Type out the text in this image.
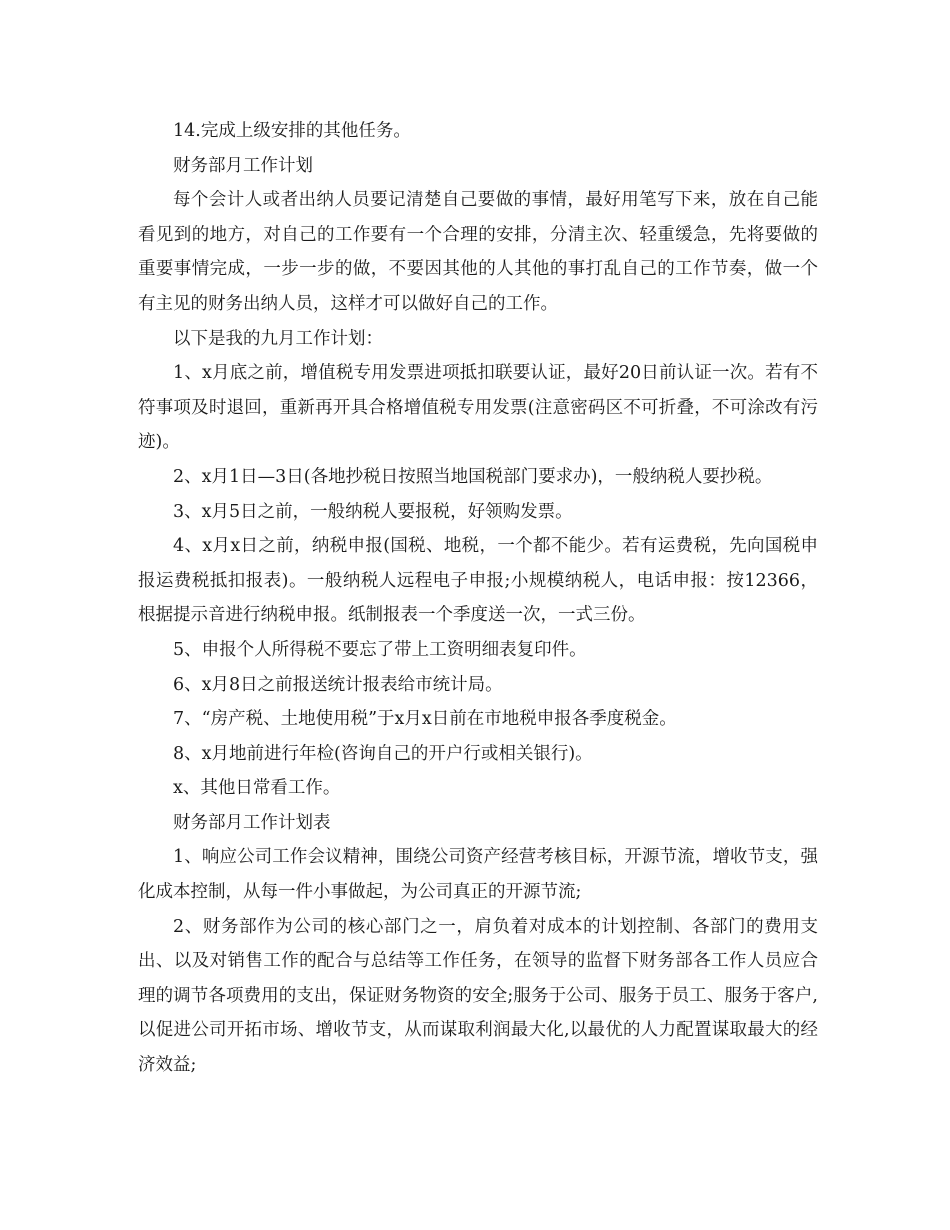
14.完成上级安排的其他任务。

财务部月工作计划

每个会计人或者出纳人员要记清楚自己要做的事情，最好用笔写下来，放在自己能看见到的地方，对自己的工作要有一个合理的安排，分清主次、轻重缓急，先将要做的重要事情完成，一步一步的做，不要因其他的人其他的事打乱自己的工作节奏，做一个有主见的财务出纳人员，这样才可以做好自己的工作。

以下是我的九月工作计划：

1、x月底之前，增值税专用发票进项抵扣联要认证，最好20日前认证一次。若有不符事项及时退回，重新再开具合格增值税专用发票(注意密码区不可折叠，不可涂改有污迹)。

2、x月1日—3日(各地抄税日按照当地国税部门要求办)，一般纳税人要抄税。

3、x月5日之前，一般纳税人要报税，好领购发票。

4、x月x日之前，纳税申报(国税、地税，一个都不能少。若有运费税，先向国税申报运费税抵扣报表)。一般纳税人远程电子申报;小规模纳税人，电话申报：按12366，根据提示音进行纳税申报。纸制报表一个季度送一次，一式三份。

5、申报个人所得税不要忘了带上工资明细表复印件。

6、x月8日之前报送统计报表给市统计局。

7、“房产税、土地使用税”于x月x日前在市地税申报各季度税金。

8、x月地前进行年检(咨询自己的开户行或相关银行)。

x、其他日常看工作。

财务部月工作计划表

1、响应公司工作会议精神，围绕公司资产经营考核目标，开源节流，增收节支，强化成本控制，从每一件小事做起，为公司真正的开源节流;

2、财务部作为公司的核心部门之一，肩负着对成本的计划控制、各部门的费用支出、以及对销售工作的配合与总结等工作任务，在领导的监督下财务部各工作人员应合理的调节各项费用的支出，保证财务物资的安全;服务于公司、服务于员工、服务于客户,以促进公司开拓市场、增收节支，从而谋取利润最大化,以最优的人力配置谋取最大的经济效益;
